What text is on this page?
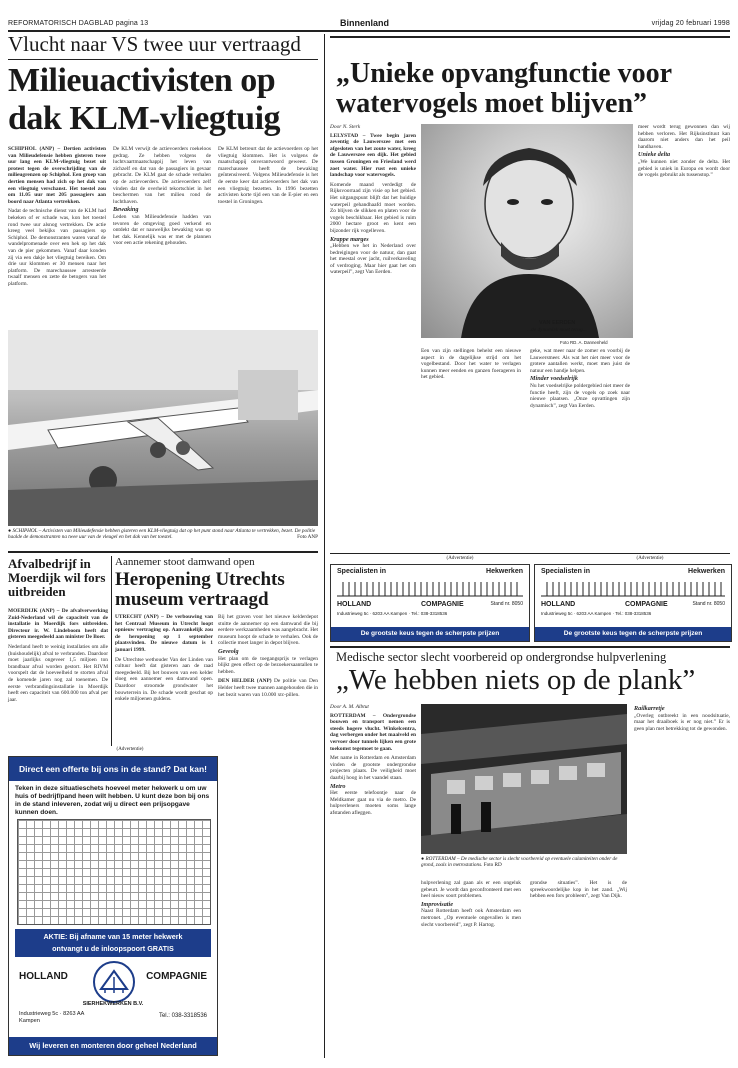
REFORMATORISCH DAGBLAD pagina 13	Binnenland	vrijdag 20 februari 1998
Vlucht naar VS twee uur vertraagd
Milieuactivisten op
dak KLM-vliegtuig
SCHIPHOL (ANP) – Dertien activisten van Milieudefensie hebben gisteren twee uur lang een KLM-vliegtuig bezet uit protest tegen de overschrijding van de milieugrenzen op Schiphol. Een groep van dertien mensen had zich op het dak van een vliegtuig verschanst. Het toestel zou om 11.05 uur met 205 passagiers aan boord naar Atlanta vertrekken.
Nadat de technische dienst van de KLM had bekeken of er schade was, kon het toestel rond twee uur alsnog vertrekken. De actie kreeg veel bekijks van passagiers op Schiphol. De demonstranten waren vanaf de wandelpromenade over een hek op het dak van de pier gekommen. Vanaf daar konden zij via een dakje het vliegtuig bereiken. Om drie uur klommen er 30 mensen naar het platform. De marechaussee arresteerde twaalf mensen en zette de betogers van het platform.
De KLM verwijt de actievoerders roekeloos gedrag. Ze hebben volgens de luchtvaartmaatschappij het leven van zichzelf en dat van de passagiers in gevaar gebracht. De KLM gaat de schade verhalen op de actievoerders. De actievoerders zelf vinden dat de overheid tekortschiet in het beschermen van het milieu rond de luchthaven.
Bewaking
Leden van Milieudefensie hadden van tevoren de omgeving goed verkend en ontdekt dat er nauwelijks bewaking was op het dak. Kennelijk was er met de plannen voor een actie rekening gehouden.
De KLM betreurt dat de actievoerders op het vliegtuig klommen. Het is volgens de maatschappij onverantwoord geweest. De marechaussee heeft de bewaking geïntensiveerd. Volgens Milieudefensie is het de eerste keer dat actievoerders het dak van een vliegtuig bezetten. In 1996 bezetten activisten korte tijd een van de E-pier en een toestel in Groningen.
● SCHIPHOL – Activisten van Milieudefensie hebben gisteren een KLM-vliegtuig dat op het punt stond naar Atlanta te vertrekken, bezet. De politie haalde de demonstranten na twee uur van de vleugel en het dak van het toestel.	Foto ANP
Afvalbedrijf in Moerdijk wil fors uitbreiden
MOERDIJK (ANP) – De afvalverwerking Zuid-Nederland wil de capaciteit van de installatie in Moerdijk fors uitbreiden. Directeur ir. W. Lindeboom heeft dat gisteren meegedeeld aan minister De Boer.
Nederland heeft te weinig installaties om alle (huishoudelijk) afval te verbranden. Daardoor moet jaarlijks ongeveer 1,5 miljoen ton brandbaar afval worden gestort. Het RIVM voorspelt dat de hoeveelheid te storten afval de komende jaren nog zal toenemen. De eerste verbrandingsinstallatie in Moerdijk heeft een capaciteit van 600.000 ton afval per jaar.
Aannemer stoot damwand open
Heropening Utrechts
museum vertraagd
UTRECHT (ANP) – De verbouwing van het Centraal Museum in Utrecht loopt opnieuw vertraging op. Aanvankelijk zou de heropening op 1 september plaatsvinden. De nieuwe datum is 1 januari 1999.
De Utrechtse wethouder Van der Linden van cultuur heeft dat gisteren aan de raad meegedeeld. Bij het bouwen van een kelder sloeg een aannemer een damwand open. Daardoor stroomde grondwater het bouwterrein in. De schade wordt geschat op enkele miljoenen guldens.
Bij het graven voor het nieuwe kelderdepot stuitte de aannemer op een damwand die bij eerdere werkzaamheden was aangebracht. Het museum hoopt de schade te verhalen. Ook de collectie moet langer in depot blijven.
Geveolg
Het plan om de toegangsprijs te verlagen blijkt geen effect op de bezoekersaantallen te hebben.
DEN HELDER (ANP) De politie van Den Helder heeft twee mannen aangehouden die in het bezit waren van 10.000 xtc-pillen.
(Advertentie)
Direct een offerte bij ons in de stand? Dat kan!
Teken in deze situatieschets hoeveel meter hekwerk u om uw huis of bedrijf/pand heen wilt hebben. U kunt deze bon bij ons in de stand inleveren, zodat wij u direct een prijsopgave kunnen doen.
AKTIE: Bij afname van 15 meter hekwerk
ontvangt u de inloopspoort GRATIS
HOLLAND	COMPAGNIE
SIERHEKWERKEN B.V.
Industrieweg 5c · 8263 AA Kampen
Tel.: 038-3318536
Wij leveren en monteren door geheel Nederland
„Unieke opvangfunctie voor
watervogels moet blijven”
Door N. Sterk
LELYSTAD – Twee begin jaren zeventig de Lauwerszee met een afgesloten van het zoute water, kreeg de Lauwerszee een dijk. Het gebied tussen Groningen en Friesland werd zoet water. Hier rust een unieke landschap voor watervogels.
Komende maand verdedigt de Rijksvoorraad zijn visie op het gebied. Het uitgangspunt blijft dat het huidige waterpeil gehandhaafd moet worden. Zo blijven de slikken en platen voor de vogels beschikbaar. Het gebied is ruim 2000 hectare groot en kent een bijzonder rijk vogelleven.
Krappe marges
„Hebben we het in Nederland over bedreigingen voor de natuur, dan gaat het meestal over jacht, ruilverkaveling of verdroging. Maar hier gaat het om waterpeil”, zegt Van Eerden.
VAN EERDEN
...de dynamiek moet terug...
Foto RD. A. Dannenheld
Een van zijn stellingen behelst een nieuwe aspect in de dagelijkse strijd om het vogelbestand. Door het water te verlagen kunnen meer eenden en ganzen foerageren in het gebied.
geke, wat meer naar de zomer en voorbij de Lauwersmeer. Als wat het niet meer voor de grotere aantallen werkt, moet men juist de natuur een handje helpen.
Minder voedselrijk
Nu het voedselrijke poldergebied niet meer de functie heeft, zijn de vogels op zoek naar nieuwe plaatsen. „Onze opvattingen zijn dynamisch”, zegt Van Eerden.
meer wordt terug gewonnen dan wij hebben verloren. Het Rijksinstituut kan daarom niet anders dan het peil handhaven.
Unieke delta
„We kunnen niet zonder de delta. Het gebied is uniek in Europa en wordt door de vogels gebruikt als tussenstop.”
(Advertentie)	(Advertentie)
Specialisten in	Hekwerken
HOLLAND	COMPAGNIE	Stand nr. 8050
Industrieweg 5c · 6203 AA Kampen · Tel.: 038-3318536
De grootste keus tegen de scherpste prijzen
Specialisten in	Hekwerken
HOLLAND	COMPAGNIE	Stand nr. 8050
Industrieweg 5c · 6203 AA Kampen · Tel.: 038-3318536
De grootste keus tegen de scherpste prijzen
Medische sector slecht voorbereid op ondergrondse hulpverlening
„We hebben niets op de plank”
Door A. M. Albtut
ROTTERDAM – Ondergrondse bouwen en transport nemen een steeds hogere vlucht. Winkelcentra, dag verbergen onder het maaiveld en vervoer door tunnels lijken een grote toekomst tegemoet te gaan.
Met name in Rotterdam en Amsterdam vinden de grootste ondergrondse projecten plaats. De veiligheid moet daarbij hoog in het vaandel staan.
Metro
Het eerste telefoontje naar de Meldkamer gaat nu via de metro. De hulpverleners moeten soms lange afstanden afleggen.
● ROTTERDAM – De medische sector is slecht voorbereid op eventuele calamiteiten onder de grond, zoals in metrostations. Foto RD
hulpverlening zal gaan als er een ongeluk gebeurt. Je wordt dan geconfronteerd met een heel nieuw soort problemen.
Improvisatie
Naast Rotterdam heeft ook Amsterdam een metronet. „Op eventuele ongevallen is men slecht voorbereid”, zegt P. Hartog.
grondse situaties”. Het is de spreekwoordelijke kop in het zand. „Wij hebben een fors probleem”, zegt Van Dijk.
Railkarretje
„Overleg ontbreekt in een noodsituatie, maar het draaiboek is er nog niet.” Er is geen plan met betrekking tot de gewonden.
